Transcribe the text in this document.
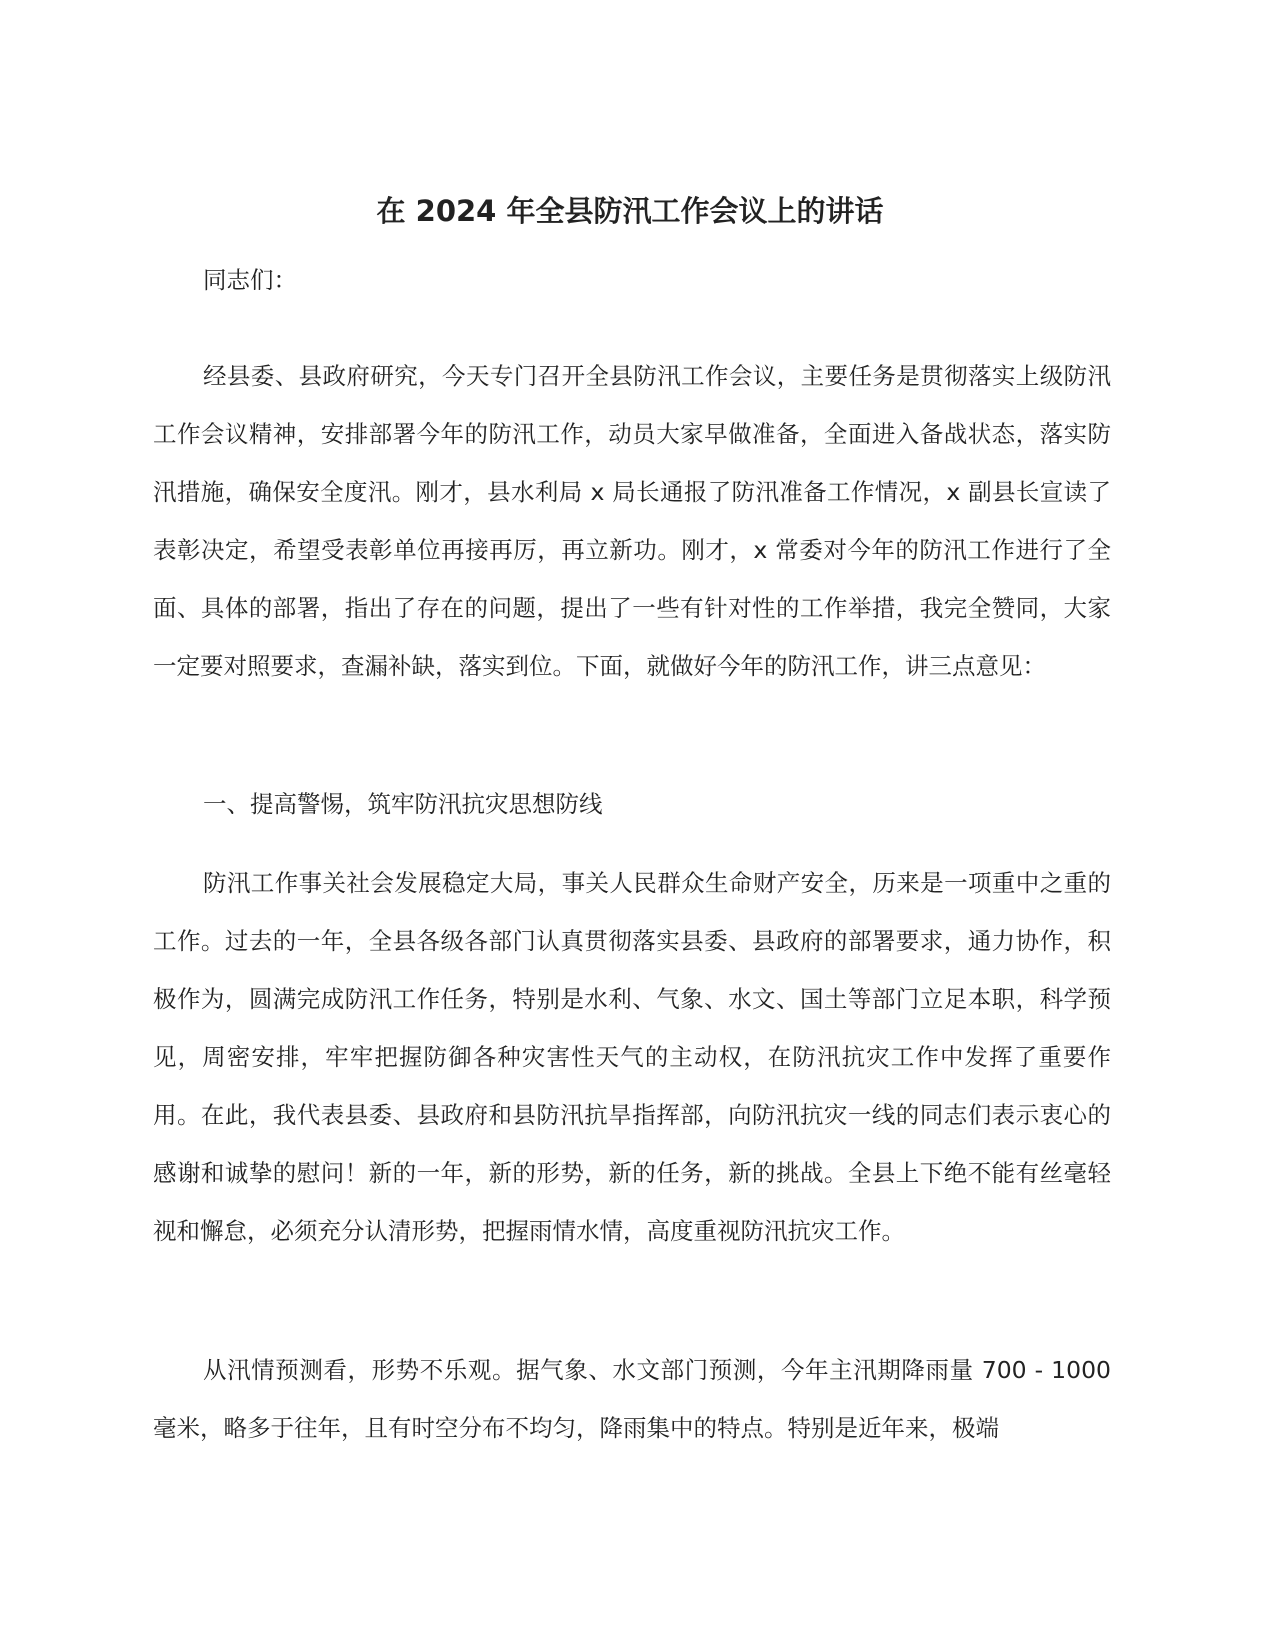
在 2024 年全县防汛工作会议上的讲话

同志们：

经县委、县政府研究，今天专门召开全县防汛工作会议，主要任务是贯彻落实上级防汛工作会议精神，安排部署今年的防汛工作，动员大家早做准备，全面进入备战状态，落实防汛措施，确保安全度汛。刚才，县水利局 x 局长通报了防汛准备工作情况，x 副县长宣读了表彰决定，希望受表彰单位再接再厉，再立新功。刚才，x 常委对今年的防汛工作进行了全面、具体的部署，指出了存在的问题，提出了一些有针对性的工作举措，我完全赞同，大家一定要对照要求，查漏补缺，落实到位。下面，就做好今年的防汛工作，讲三点意见：

一、提高警惕，筑牢防汛抗灾思想防线

防汛工作事关社会发展稳定大局，事关人民群众生命财产安全，历来是一项重中之重的工作。过去的一年，全县各级各部门认真贯彻落实县委、县政府的部署要求，通力协作，积极作为，圆满完成防汛工作任务，特别是水利、气象、水文、国土等部门立足本职，科学预见，周密安排，牢牢把握防御各种灾害性天气的主动权，在防汛抗灾工作中发挥了重要作用。在此，我代表县委、县政府和县防汛抗旱指挥部，向防汛抗灾一线的同志们表示衷心的感谢和诚挚的慰问！新的一年，新的形势，新的任务，新的挑战。全县上下绝不能有丝毫轻视和懈怠，必须充分认清形势，把握雨情水情，高度重视防汛抗灾工作。

从汛情预测看，形势不乐观。据气象、水文部门预测，今年主汛期降雨量 700 - 1000 毫米，略多于往年，且有时空分布不均匀，降雨集中的特点。特别是近年来，极端
